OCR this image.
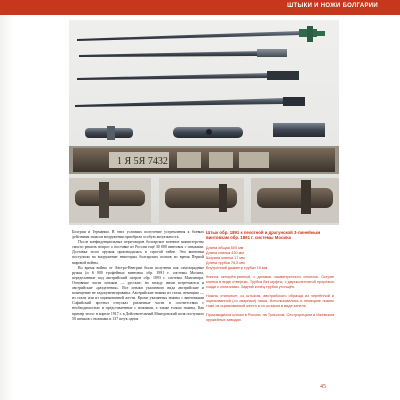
ШТЫКИ И НОЖИ БОЛГАРИИ
1 Я 5Я 7432

Болгрии и Германии. В этих условиях получение устремления к боевых действиям запасов вооружения приобрело особую актуальность.

После конфиденциальных переговоров болгарское военное министерство смогло решить вопрос о поставке из России ещё 30 000 винтовок с штыками. Доставка этого оружия производилась в строгой тайне. Эти винтовки поступили на вооружение некоторых болгарских полков во время Первой мировой войны.

Во время войны от Австро-Венгрии были получены как самозарядные ружья (и 6 000 трофейных винтовок обр. 1891 г. системы Мосина, переделанные под австрийский патрон обр. 1893 г. системы Манлихера. Основные части штыков — русские, но между ними встречаются и австрийские «разделения». Все штыки указанного вида австрийские и помещение не задокументированы. Австрийские ножны из стали, немецкие — из стали или из оцинкованной жести. Кроме указанных ножны с винтовками Софийский арсенал отпускал различные части в соответствии с необходимостью и представленные с ножнами, а также только ножны. Как пример этого: в апреле 1917 г. в Действительный Македонский полк поступило 50 штыков с ножнами и 137 штук одних

Штык обр. 1891 к пехотной и драгунской 3-линейным винтовкам обр. 1891 г. системы Мосина

Длина общая 500 мм

Длина клинка 430 мм

Ширина клинка 17 мм

Длина трубки 76,5 мм

Внутренний диаметр трубки 15 мм

Клинок четырёхгранный, с долами, симметричного сечения. Острие клинка в виде отвертки. Трубка без муфты, с двухколенчатой прорезью сзади к лопатками. Задний конец трубки утолщён.

Ножны стальные, со штыком, австрийского образца из чернённой и оцинкованной (со сварным) ниша. Использовались и немецкие ножны тоже из оцинкованной жести и со штыком в виде капель.

Производился штыки в России, на Тульском, Сестрорецком и Ижевском оружейных заводах.

45
